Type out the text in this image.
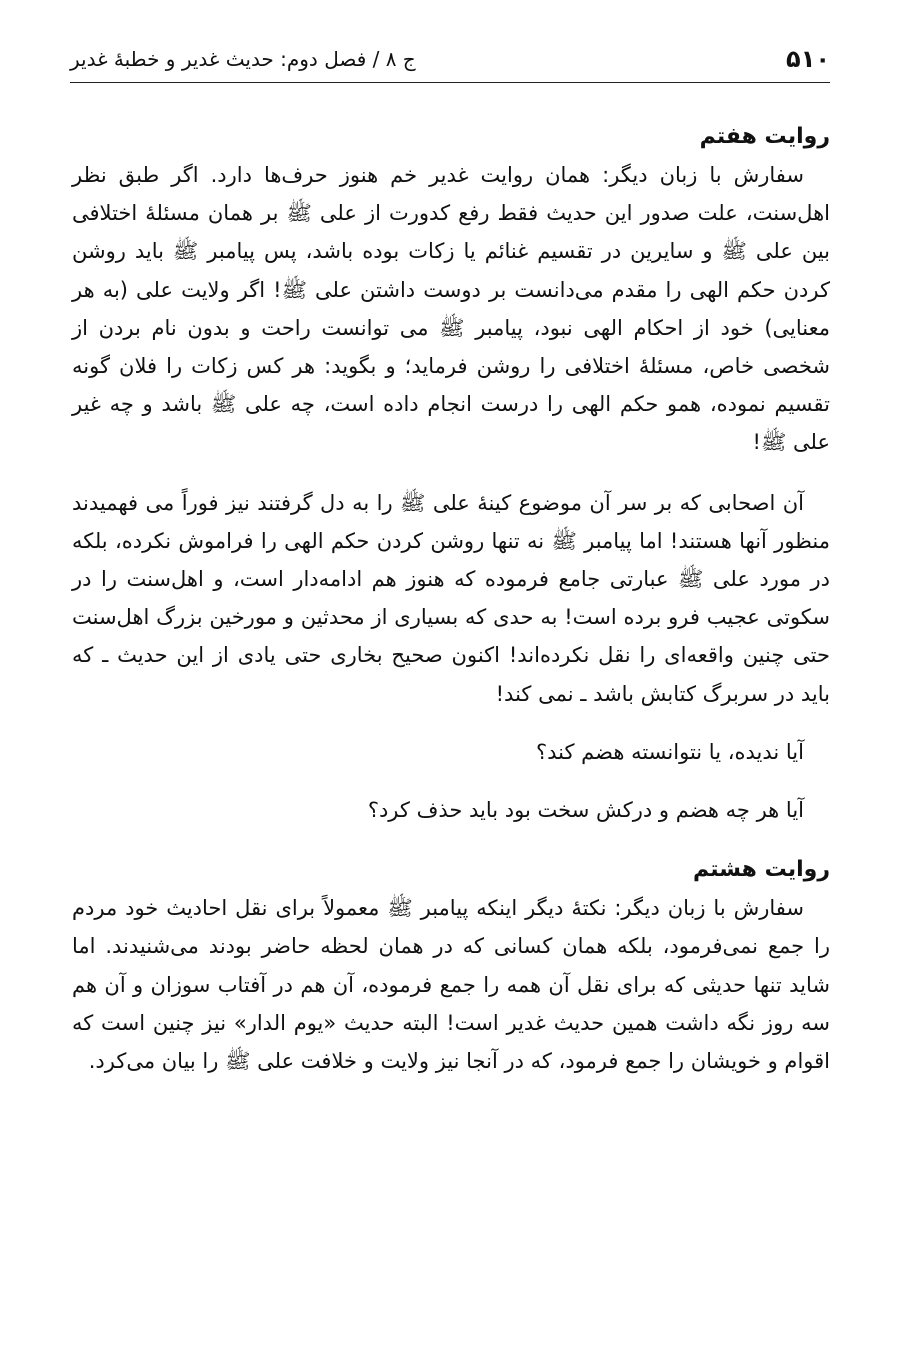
۵۱۰
ج ۸ / فصل دوم: حدیث غدیر و خطبهٔ غدیر
روایت هفتم

سفارش با زبان دیگر: همان روایت غدیر خم هنوز حرف‌ها دارد. اگر طبق نظر اهل‌سنت، علت صدور این حدیث فقط رفع کدورت از علی ﷺ بر همان مسئلهٔ اختلافی بین علی ﷺ و سایرین در تقسیم غنائم یا زکات بوده باشد، پس پیامبر ﷺ باید روشن کردن حکم الهی را مقدم می‌دانست بر دوست داشتن علی ﷺ! اگر ولایت علی (به هر معنایی) خود از احکام الهی نبود، پیامبر ﷺ می توانست راحت و بدون نام بردن از شخصی خاص، مسئلهٔ اختلافی را روشن فرماید؛ و بگوید: هر کس زکات را فلان گونه تقسیم نموده، همو حکم الهی را درست انجام داده است، چه علی ﷺ باشد و چه غیر علی ﷺ!

آن اصحابی که بر سر آن موضوع کینهٔ علی ﷺ را به دل گرفتند نیز فوراً می فهمیدند منظور آنها هستند! اما پیامبر ﷺ نه تنها روشن کردن حکم الهی را فراموش نکرده، بلکه در مورد علی ﷺ عبارتی جامع فرموده که هنوز هم ادامه‌دار است، و اهل‌سنت را در سکوتی عجیب فرو برده است! به حدی که بسیاری از محدثین و مورخین بزرگ اهل‌سنت حتی چنین واقعه‌ای را نقل نکرده‌اند! اکنون صحیح بخاری حتی یادی از این حدیث ـ که باید در سربرگ کتابش باشد ـ نمی کند!

آیا ندیده، یا نتوانسته هضم کند؟

آیا هر چه هضم و درکش سخت بود باید حذف کرد؟

روایت هشتم

سفارش با زبان دیگر: نکتهٔ دیگر اینکه پیامبر ﷺ معمولاً برای نقل احادیث خود مردم را جمع نمی‌فرمود، بلکه همان کسانی که در همان لحظه حاضر بودند می‌شنیدند. اما شاید تنها حدیثی که برای نقل آن همه را جمع فرموده، آن هم در آفتاب سوزان و آن هم سه روز نگه داشت همین حدیث غدیر است! البته حدیث «یوم الدار» نیز چنین است که اقوام و خویشان را جمع فرمود، که در آنجا نیز ولایت و خلافت علی ﷺ را بیان می‌کرد.
